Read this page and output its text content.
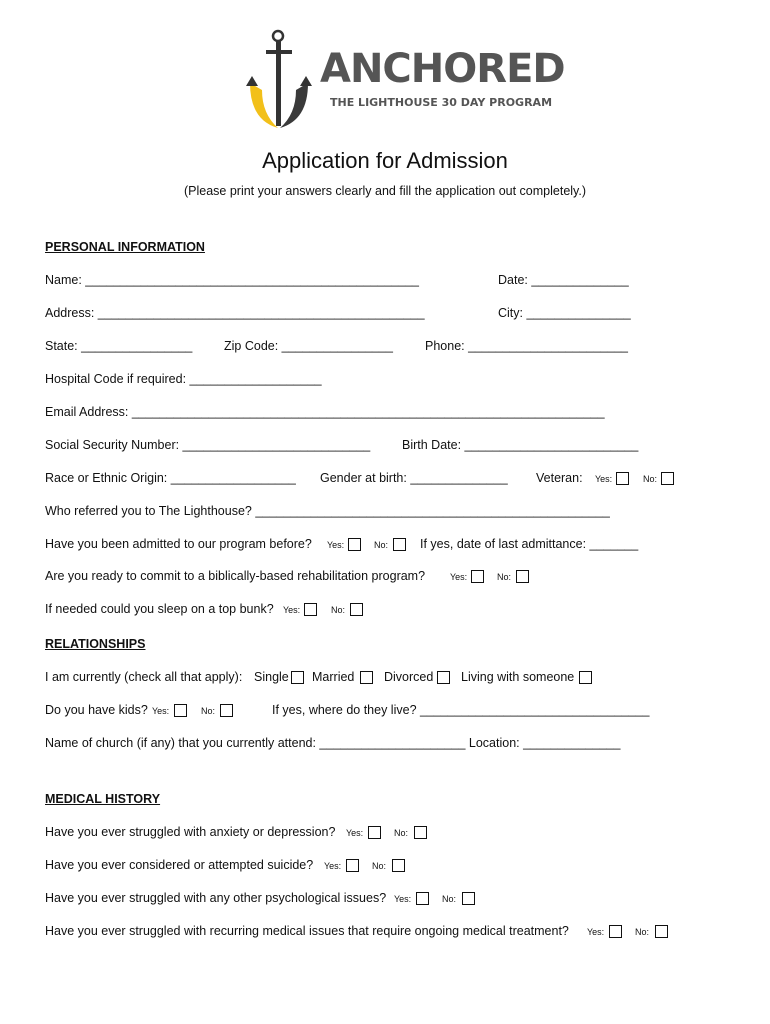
ANCHORED
THE LIGHTHOUSE 30 DAY PROGRAM
Application for Admission
(Please print your answers clearly and fill the application out completely.)
PERSONAL INFORMATION
Name: ________________________________________________	Date: ______________
Address: _______________________________________________	City: _______________
State: ________________	Zip Code: ________________	Phone: _______________________
Hospital Code if required: ___________________
Email Address: ____________________________________________________________________
Social Security Number: ___________________________	Birth Date: _________________________
Race or Ethnic Origin: __________________ Gender at birth: ______________ Veteran: Yes:	No:
Who referred you to The Lighthouse? ___________________________________________________
Have you been admitted to our program before? Yes:	No:	If yes, date of last admittance: _______
Are you ready to commit to a biblically-based rehabilitation program?	Yes:	No:
If needed could you sleep on a top bunk? Yes:	No:
RELATIONSHIPS
I am currently (check all that apply): Single Married Divorced Living with someone
Do you have kids? Yes:	No:	If yes, where do they live? _________________________________
Name of church (if any) that you currently attend: _____________________ Location: ______________
MEDICAL HISTORY
Have you ever struggled with anxiety or depression? Yes:	No:
Have you ever considered or attempted suicide? Yes:	No:
Have you ever struggled with any other psychological issues? Yes:	No:
Have you ever struggled with recurring medical issues that require ongoing medical treatment? Yes:	No:
